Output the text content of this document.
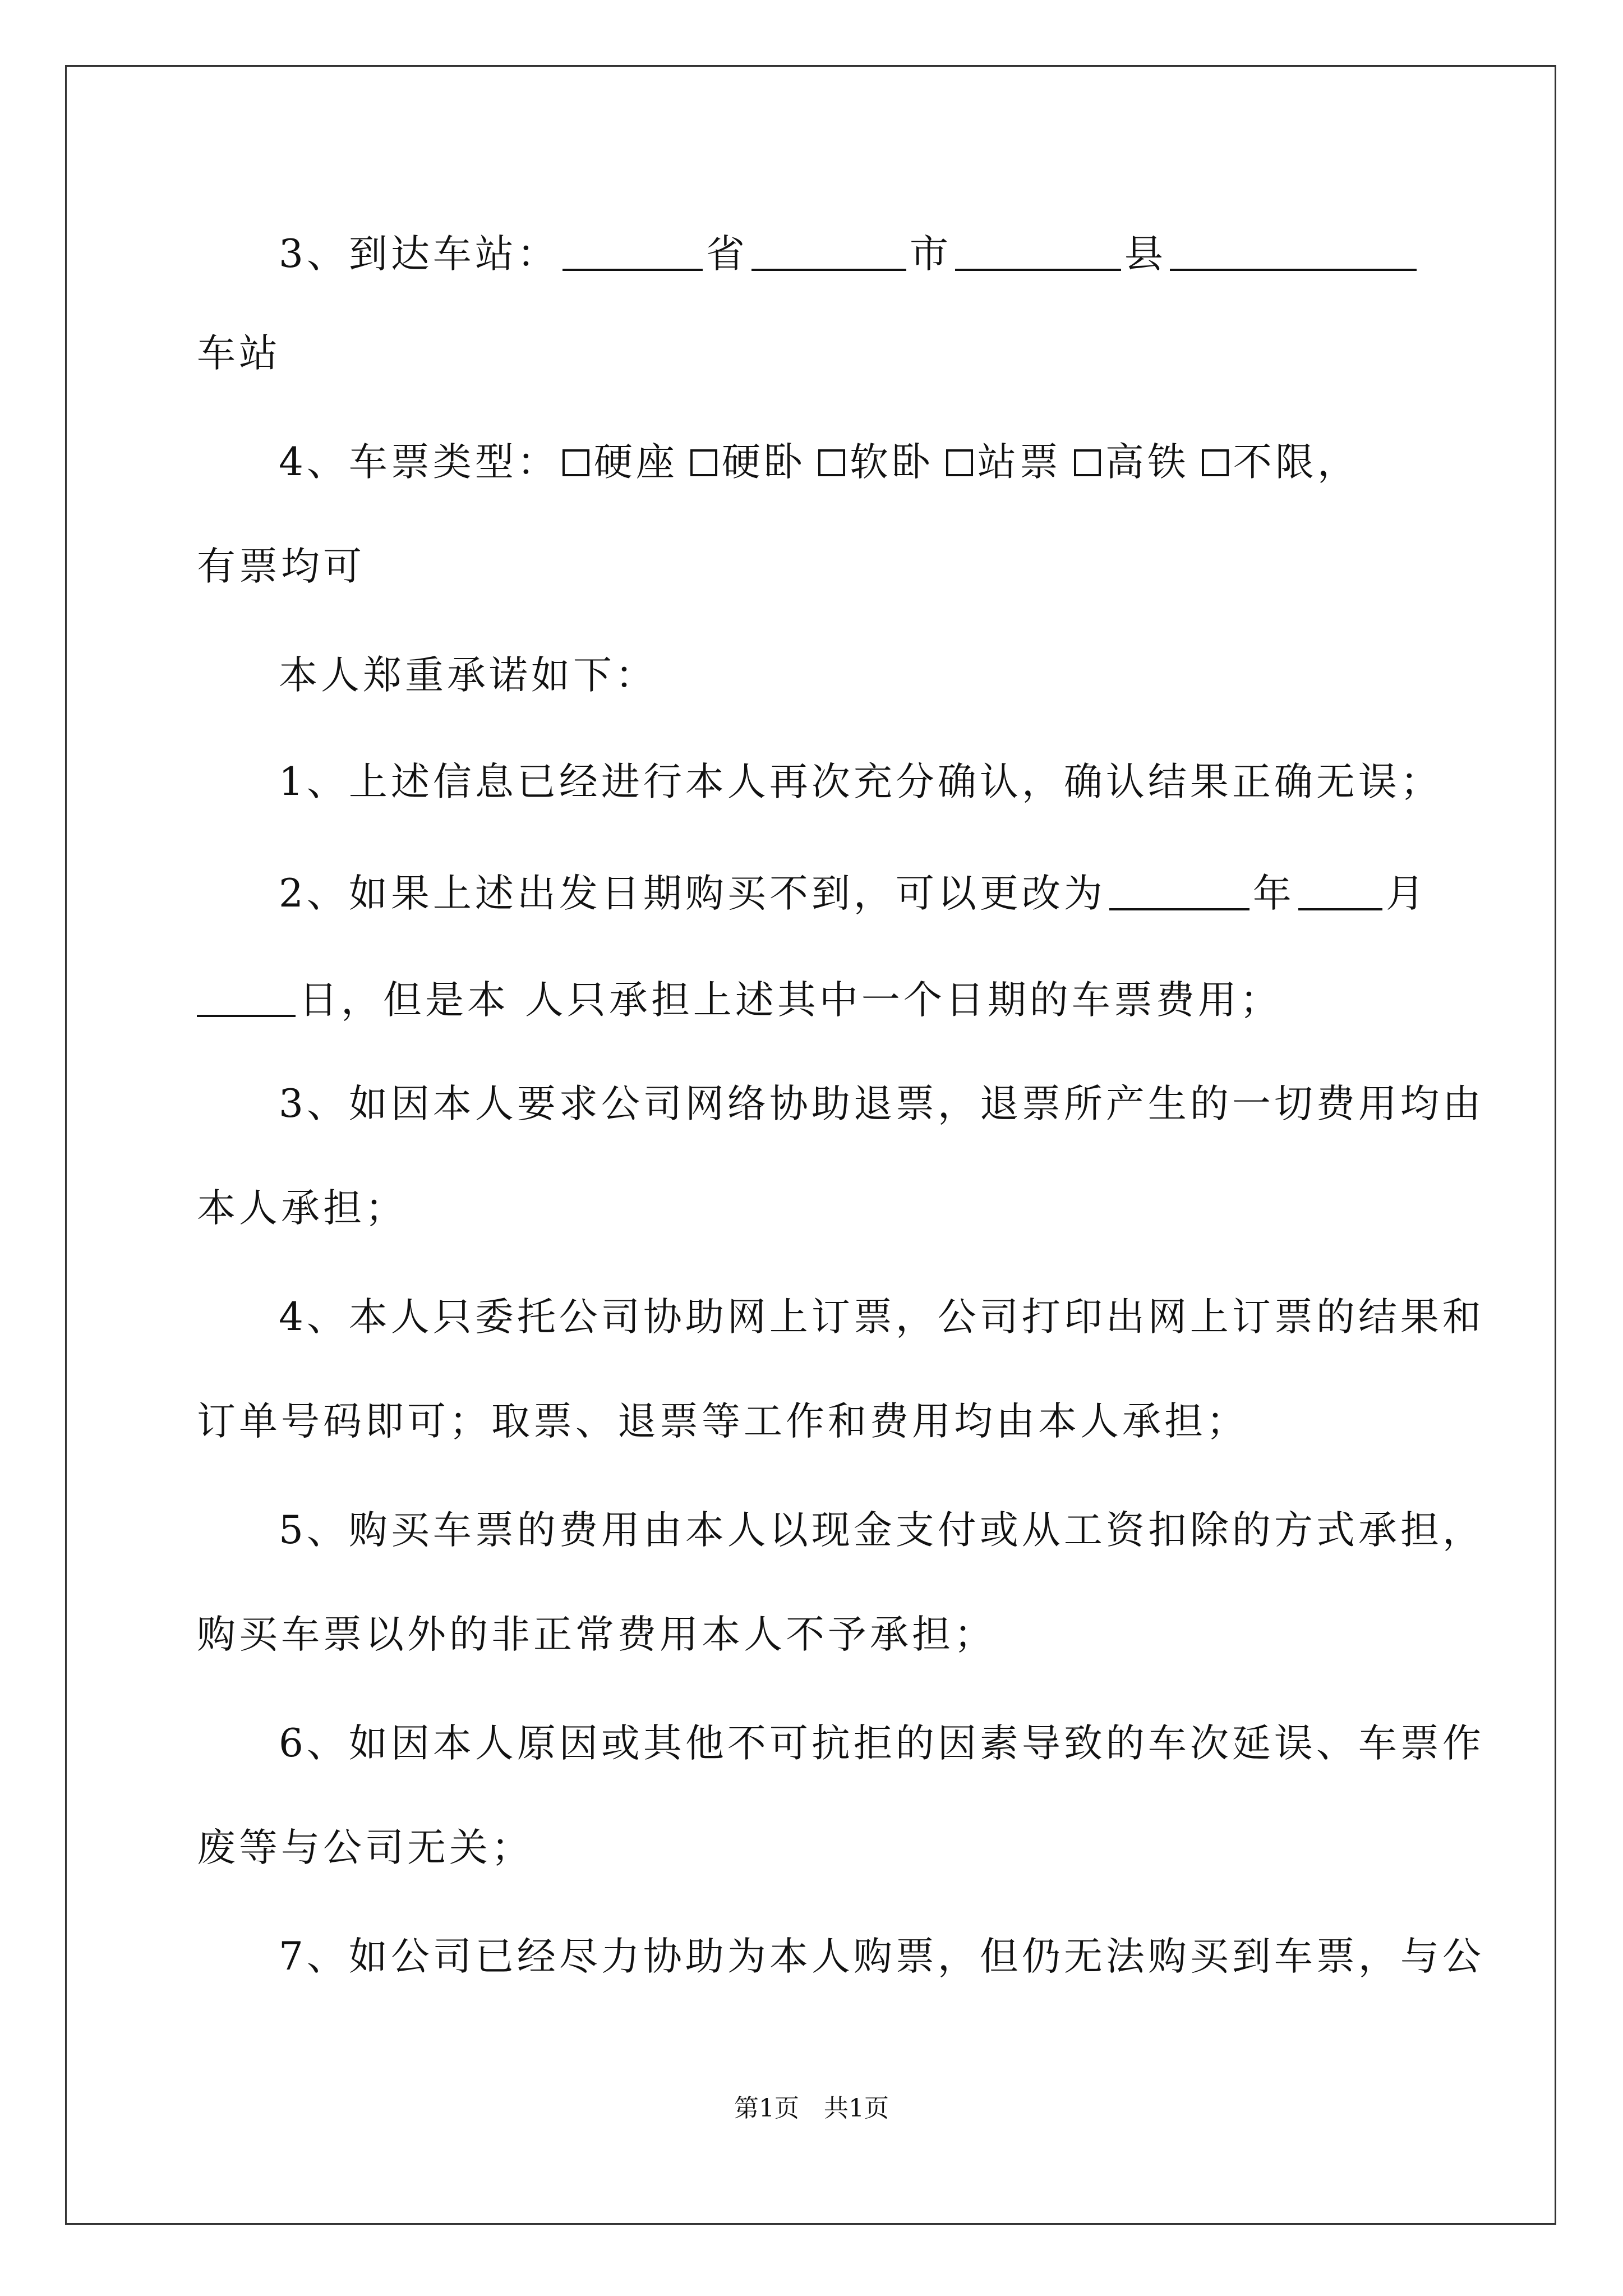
3、到达车站：	省	市	县
车站
4、车票类型： 硬座 硬卧 软卧 站票 高铁 不限，
有票均可
本人郑重承诺如下：
1、上述信息已经进行本人再次充分确认，确认结果正确无误；
2、如果上述出发日期购买不到，可以更改为	年 月
日，但是本 人只承担上述其中一个日期的车票费用；
3、如因本人要求公司网络协助退票，退票所产生的一切费用均由
本人承担；
4、本人只委托公司协助网上订票，公司打印出网上订票的结果和
订单号码即可；取票、退票等工作和费用均由本人承担；
5、购买车票的费用由本人以现金支付或从工资扣除的方式承担，
购买车票以外的非正常费用本人不予承担；
6、如因本人原因或其他不可抗拒的因素导致的车次延误、车票作
废等与公司无关；
7、如公司已经尽力协助为本人购票，但仍无法购买到车票，与公
第1页 共1页
